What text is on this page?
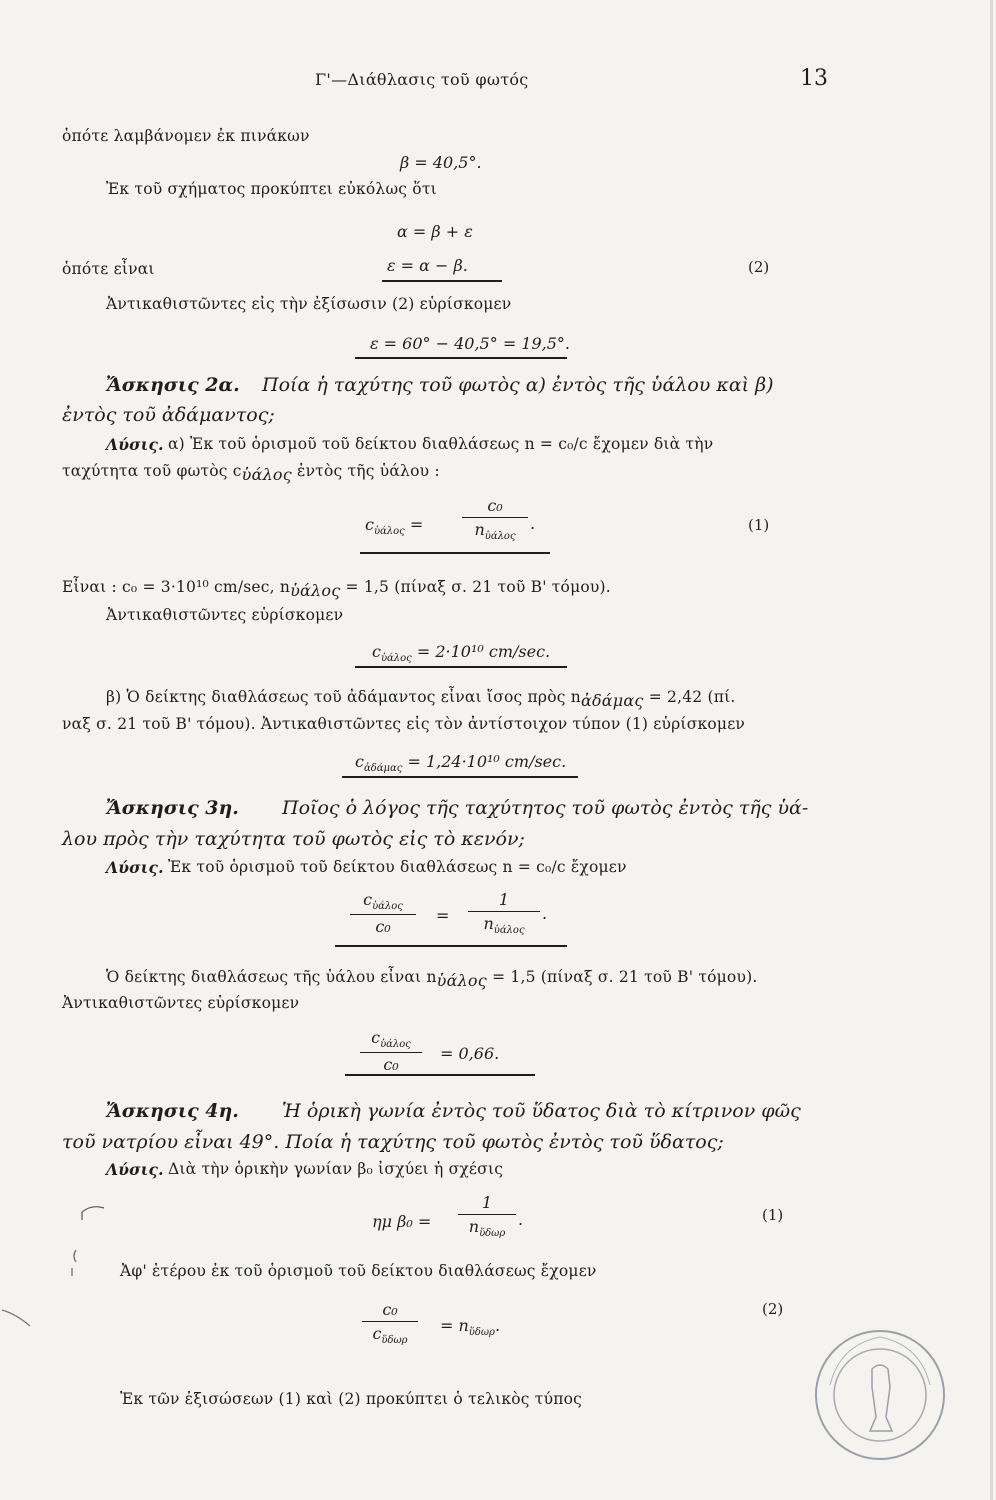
Γ'—Διάθλασις τοῦ φωτός	13
ὁπότε λαμβάνομεν ἐκ πινάκων
β = 40,5°.
Ἐκ τοῦ σχήματος προκύπτει εὐκόλως ὅτι
α = β + ε
ὁπότε εἶναι	ε = α − β.	(2)
Ἀντικαθιστῶντες εἰς τὴν ἐξίσωσιν (2) εὑρίσκομεν
ε = 60° − 40,5° = 19,5°.
Ἄσκησις 2α. Ποία ἡ ταχύτης τοῦ φωτὸς α) ἐντὸς τῆς ὑάλου καὶ β)
ἐντὸς τοῦ ἀδάμαντος;
Λύσις. α) Ἐκ τοῦ ὁρισμοῦ τοῦ δείκτου διαθλάσεως n = c₀/c ἔχομεν διὰ τὴν
ταχύτητα τοῦ φωτὸς $c_{ὑά\lambda o\varsigma}$ ἐντὸς τῆς ὑάλου :
$c_{ὑά\lambda o\varsigma}$ =
c₀
$n_{ὑά\lambda o\varsigma}$
.	(1)
Εἶναι : c₀ = 3·10¹⁰ cm/sec, $n_{ὑά\lambda o\varsigma} = 1,5$ (πίναξ σ. 21 τοῦ Β' τόμου).
Ἀντικαθιστῶντες εὑρίσκομεν
$c_{ὑά\lambda o\varsigma} = 2\cdot 10^{10}$ cm/sec.
β) Ὁ δείκτης διαθλάσεως τοῦ ἀδάμαντος εἶναι ἴσος πρὸς $n_{ἀ\delta ά\mu\alpha\varsigma} = 2,42$ (πί.
ναξ σ. 21 τοῦ Β' τόμου). Ἀντικαθιστῶντες εἰς τὸν ἀντίστοιχον τύπον (1) εὑρίσκομεν
$c_{ἀ\delta ά\mu\alpha\varsigma} = 1,24\cdot 10^{10}$ cm/sec.
Ἄσκησις 3η. Ποῖος ὁ λόγος τῆς ταχύτητος τοῦ φωτὸς ἐντὸς τῆς ὑά-
λου πρὸς τὴν ταχύτητα τοῦ φωτὸς εἰς τὸ κενόν;
Λύσις. Ἐκ τοῦ ὁρισμοῦ τοῦ δείκτου διαθλάσεως n = c₀/c ἔχομεν
$c_{ὑά\lambda o\varsigma}$
c₀
=
1
$n_{ὑά\lambda o\varsigma}$
.
Ὁ δείκτης διαθλάσεως τῆς ὑάλου εἶναι $n_{ὑά\lambda o\varsigma} = 1,5$ (πίναξ σ. 21 τοῦ Β' τόμου).
Ἀντικαθιστῶντες εὑρίσκομεν
$c_{ὑά\lambda o\varsigma}$
c₀
= 0,66.
Ἄσκησις 4η. Ἡ ὁρικὴ γωνία ἐντὸς τοῦ ὕδατος διὰ τὸ κίτρινον φῶς
τοῦ νατρίου εἶναι 49°. Ποία ἡ ταχύτης τοῦ φωτὸς ἐντὸς τοῦ ὕδατος;
Λύσις. Διὰ τὴν ὁρικὴν γωνίαν β₀ ἰσχύει ἡ σχέσις
ημ β₀ =
1
$n_{ὕ\delta\omega\rho}$
.	(1)
Ἀφ' ἑτέρου ἐκ τοῦ ὁρισμοῦ τοῦ δείκτου διαθλάσεως ἔχομεν
c₀
$c_{ὕ\delta\omega\rho}$
= $n_{ὕ\delta\omega\rho}$.
(2)
Ἐκ τῶν ἐξισώσεων (1) καὶ (2) προκύπτει ὁ τελικὸς τύπος
